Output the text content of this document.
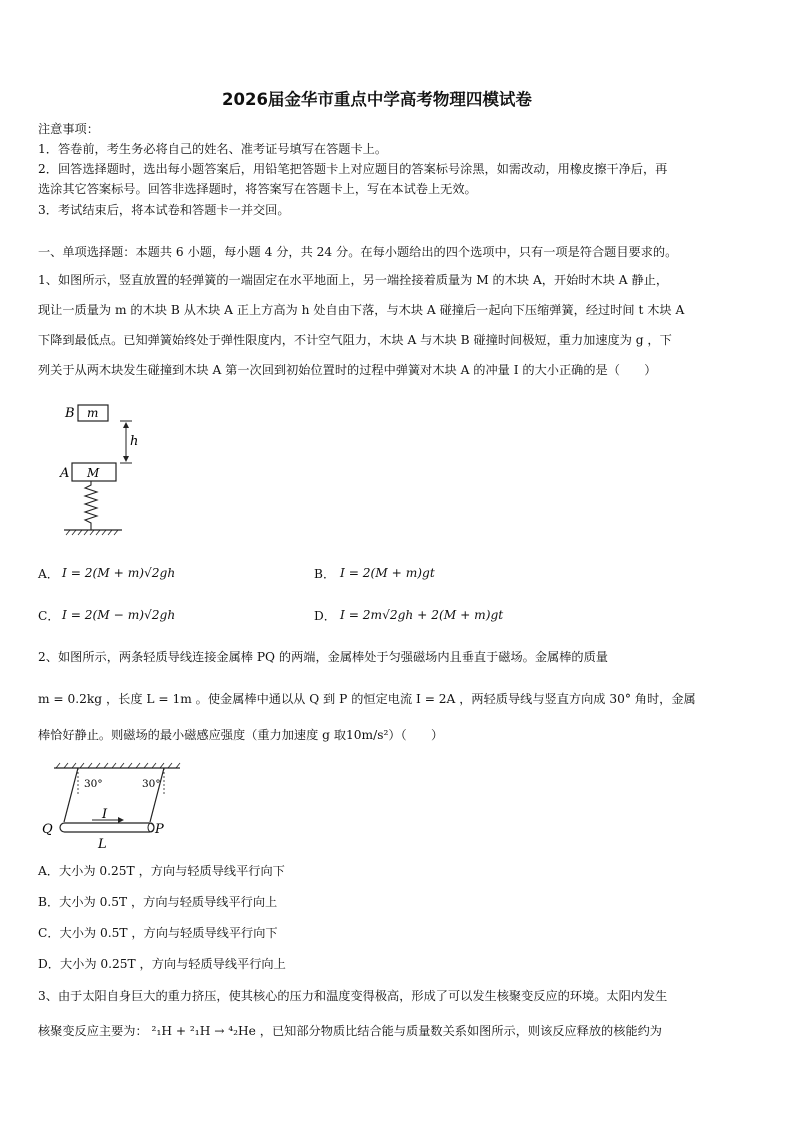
2026届金华市重点中学高考物理四模试卷
注意事项：
1．答卷前，考生务必将自己的姓名、准考证号填写在答题卡上。
2．回答选择题时，选出每小题答案后，用铅笔把答题卡上对应题目的答案标号涂黑，如需改动，用橡皮擦干净后，再
选涂其它答案标号。回答非选择题时，将答案写在答题卡上，写在本试卷上无效。
3．考试结束后，将本试卷和答题卡一并交回。
一、单项选择题：本题共 6 小题，每小题 4 分，共 24 分。在每小题给出的四个选项中，只有一项是符合题目要求的。
1、如图所示，竖直放置的轻弹簧的一端固定在水平地面上，另一端拴接着质量为 M 的木块 A，开始时木块 A 静止，
现让一质量为 m 的木块 B 从木块 A 正上方高为 h 处自由下落，与木块 A 碰撞后一起向下压缩弹簧，经过时间 t 木块 A
下降到最低点。已知弹簧始终处于弹性限度内，不计空气阻力，木块 A 与木块 B 碰撞时间极短，重力加速度为 g ，下
列关于从两木块发生碰撞到木块 A 第一次回到初始位置时的过程中弹簧对木块 A 的冲量 I 的大小正确的是（　　）
B m
h
A M
A． I = 2(M + m)√2gh	B． I = 2(M + m)gt
C． I = 2(M − m)√2gh	D． I = 2m√2gh + 2(M + m)gt
2、如图所示，两条轻质导线连接金属棒 PQ 的两端，金属棒处于匀强磁场内且垂直于磁场。金属棒的质量
m = 0.2kg ，长度 L = 1m 。使金属棒中通以从 Q 到 P 的恒定电流 I = 2A ，两轻质导线与竖直方向成 30° 角时，金属
棒恰好静止。则磁场的最小磁感应强度（重力加速度 g 取10m/s²）（　　）
30°	30°
I
Q	P
L
A．大小为 0.25T ，方向与轻质导线平行向下
B．大小为 0.5T ，方向与轻质导线平行向上
C．大小为 0.5T ，方向与轻质导线平行向下
D．大小为 0.25T ，方向与轻质导线平行向上
3、由于太阳自身巨大的重力挤压，使其核心的压力和温度变得极高，形成了可以发生核聚变反应的环境。太阳内发生
核聚变反应主要为： ²₁H + ²₁H → ⁴₂He ，已知部分物质比结合能与质量数关系如图所示，则该反应释放的核能约为
